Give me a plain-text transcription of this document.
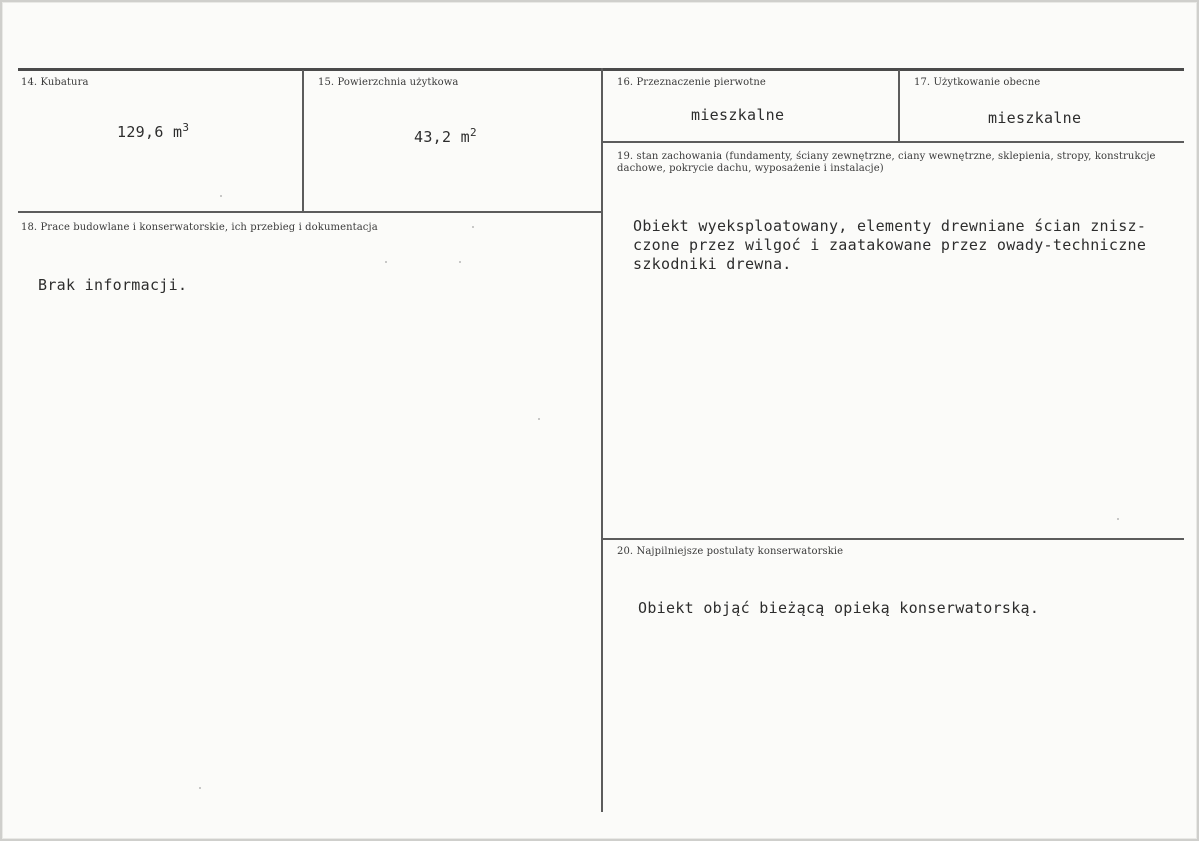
14. Kubatura
129,6 $m^3$
15. Powierzchnia użytkowa
43,2 $m^2$
16. Przeznaczenie pierwotne
mieszkalne
17. Użytkowanie obecne
mieszkalne
18. Prace budowlane i konserwatorskie, ich przebieg i dokumentacja
Brak informacji.
19. stan zachowania (fundamenty, ściany zewnętrzne, ciany wewnętrzne, sklepienia, stropy, konstrukcje dachowe, pokrycie dachu, wyposażenie i instalacje)
Obiekt wyeksploatowany, elementy drewniane ścian znisz-
czone przez wilgoć i zaatakowane przez owady-techniczne
szkodniki drewna.
20. Najpilniejsze postulaty konserwatorskie
Obiekt objąć bieżącą opieką konserwatorską.
